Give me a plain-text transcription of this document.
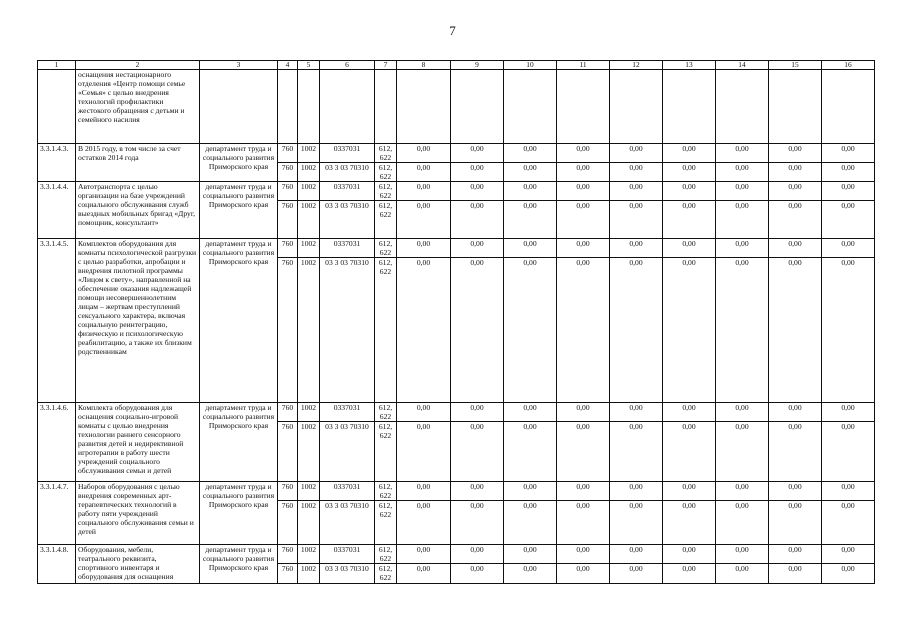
7
1	2	3	4	5	6	7	8	9	10	11	12	13	14	15	16
	оснащения нестационарного отделения «Центр помощи семье «Семья» с целью внедрения технологий профилактики жестокого обращения с детьми и семейного насилия														
3.3.1.4.3.	В 2015 году, в том числе за счет остатков 2014 года	департамент труда и социального развития Приморского края	760	1002	0337031	612, 622	0,00	0,00	0,00	0,00	0,00	0,00	0,00	0,00	0,00
			760	1002	03 3 03 70310	612, 622	0,00	0,00	0,00	0,00	0,00	0,00	0,00	0,00	0,00
3.3.1.4.4.	Автотранспорта с целью организации на базе учреждений социального обслуживания служб выездных мобильных бригад «Друг, помощник, консультант»	департамент труда и социального развития Приморского края	760	1002	0337031	612, 622	0,00	0,00	0,00	0,00	0,00	0,00	0,00	0,00	0,00
			760	1002	03 3 03 70310	612, 622	0,00	0,00	0,00	0,00	0,00	0,00	0,00	0,00	0,00
3.3.1.4.5.	Комплектов оборудования для комнаты психологической разгрузки с целью разработки, апробации и внедрения пилотной программы «Лицом к свету», направленной на обеспечение оказания надлежащей помощи несовершеннолетним лицам – жертвам преступлений сексуального характера, включая социальную реинтеграцию, физическую и психологическую реабилитацию, а также их близким родственникам	департамент труда и социального развития Приморского края	760	1002	0337031	612, 622	0,00	0,00	0,00	0,00	0,00	0,00	0,00	0,00	0,00
			760	1002	03 3 03 70310	612, 622	0,00	0,00	0,00	0,00	0,00	0,00	0,00	0,00	0,00
3.3.1.4.6.	Комплекта оборудования для оснащения социально-игровой комнаты с целью внедрения технологии раннего сенсорного развития детей и недирективной игротерапии в работу шести учреждений социального обслуживания семьи и детей	департамент труда и социального развития Приморского края	760	1002	0337031	612, 622	0,00	0,00	0,00	0,00	0,00	0,00	0,00	0,00	0,00
			760	1002	03 3 03 70310	612, 622	0,00	0,00	0,00	0,00	0,00	0,00	0,00	0,00	0,00
3.3.1.4.7.	Наборов оборудования с целью внедрения современных арт-терапевтических технологий в работу пяти учреждений социального обслуживания семьи и детей	департамент труда и социального развития Приморского края	760	1002	0337031	612, 622	0,00	0,00	0,00	0,00	0,00	0,00	0,00	0,00	0,00
			760	1002	03 3 03 70310	612, 622	0,00	0,00	0,00	0,00	0,00	0,00	0,00	0,00	0,00
3.3.1.4.8.	Оборудования, мебели, театрального реквизита, спортивного инвентаря и оборудования для оснащения	департамент труда и социального развития Приморского края	760	1002	0337031	612, 622	0,00	0,00	0,00	0,00	0,00	0,00	0,00	0,00	0,00
			760	1002	03 3 03 70310	612, 622	0,00	0,00	0,00	0,00	0,00	0,00	0,00	0,00	0,00
